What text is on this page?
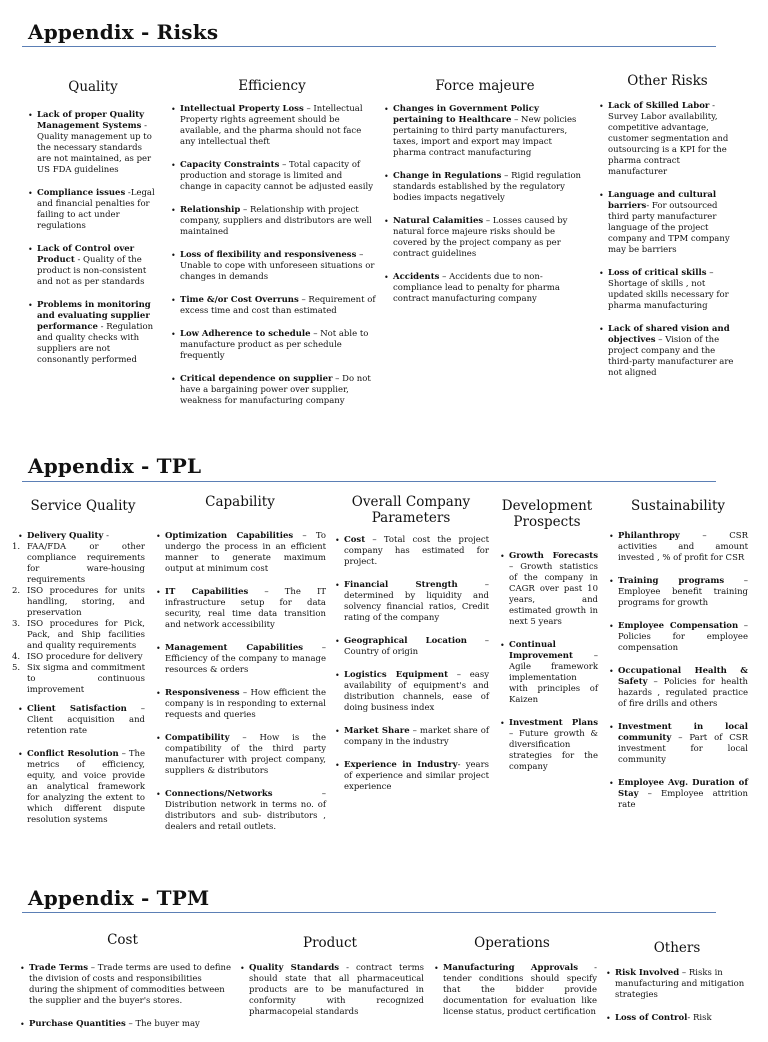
Appendix - Risks
Quality	Efficiency	Force majeure	Other Risks
• Lack of proper Quality Management Systems - Quality management up to the necessary standards are not maintained, as per US FDA guidelines
• Compliance issues -Legal and financial penalties for failing to act under regulations
• Lack of Control over Product - Quality of the product is non-consistent and not as per standards
• Problems in monitoring and evaluating supplier performance - Regulation and quality checks with suppliers are not consonantly performed
• Intellectual Property Loss – Intellectual Property rights agreement should be available, and the pharma should not face any intellectual theft
• Capacity Constraints – Total capacity of production and storage is limited and change in capacity cannot be adjusted easily
• Relationship – Relationship with project company, suppliers and distributors are well maintained
• Loss of flexibility and responsiveness – Unable to cope with unforeseen situations or changes in demands
• Time &/or Cost Overruns – Requirement of excess time and cost than estimated
• Low Adherence to schedule – Not able to manufacture product as per schedule frequently
• Critical dependence on supplier – Do not have a bargaining power over supplier, weakness for manufacturing company
• Changes in Government Policy pertaining to Healthcare – New policies pertaining to third party manufacturers, taxes, import and export may impact pharma contract manufacturing
• Change in Regulations – Rigid regulation standards established by the regulatory bodies impacts negatively
• Natural Calamities – Losses caused by natural force majeure risks should be covered by the project company as per contract guidelines
• Accidents – Accidents due to non-compliance lead to penalty for pharma contract manufacturing company
• Lack of Skilled Labor - Survey Labor availability, competitive advantage, customer segmentation and outsourcing is a KPI for the pharma contract manufacturer
• Language and cultural barriers- For outsourced third party manufacturer language of the project company and TPM company may be barriers
• Loss of critical skills – Shortage of skills , not updated skills necessary for pharma manufacturing
• Lack of shared vision and objectives – Vision of the project company and the third-party manufacturer are not aligned
Appendix - TPL
Service Quality	Capability	Overall Company Parameters
Development Prospects
Sustainability
• Delivery Quality -
1. FAA/FDA or other compliance requirements for ware-housing requirements
2. ISO procedures for units handling, storing, and preservation
3. ISO procedures for Pick, Pack, and Ship facilities and quality requirements
4. ISO procedure for delivery
5. Six sigma and commitment to continuous improvement
• Client Satisfaction – Client acquisition and retention rate
• Conflict Resolution – The metrics of efficiency, equity, and voice provide an analytical framework for analyzing the extent to which different dispute resolution systems
• Optimization Capabilities – To undergo the process in an efficient manner to generate maximum output at minimum cost
• IT Capabilities – The IT infrastructure setup for data security, real time data transition and network accessibility
• Management Capabilities – Efficiency of the company to manage resources & orders
• Responsiveness – How efficient the company is in responding to external requests and queries
• Compatibility – How is the compatibility of the third party manufacturer with project company, suppliers & distributors
• Connections/Networks – Distribution network in terms no. of distributors and sub- distributors , dealers and retail outlets.
• Cost – Total cost the project company has estimated for project.
• Financial Strength – determined by liquidity and solvency financial ratios, Credit rating of the company
• Geographical Location – Country of origin
• Logistics Equipment – easy availability of equipment's and distribution channels, ease of doing business index
• Market Share – market share of company in the industry
• Experience in Industry- years of experience and similar project experience
• Growth Forecasts – Growth statistics of the company in CAGR over past 10 years, and estimated growth in next 5 years
• Continual Improvement – Agile framework implementation with principles of Kaizen
• Investment Plans – Future growth & diversification strategies for the company
• Philanthropy – CSR activities and amount invested , % of profit for CSR
• Training programs – Employee benefit training programs for growth
• Employee Compensation – Policies for employee compensation
• Occupational Health & Safety – Policies for health hazards , regulated practice of fire drills and others
• Investment in local community – Part of CSR investment for local community
• Employee Avg. Duration of Stay – Employee attrition rate
Appendix - TPM
Cost	Product	Operations	Others
• Trade Terms – Trade terms are used to define the division of costs and responsibilities during the shipment of commodities between the supplier and the buyer's stores.
• Purchase Quantities – The buyer may
• Quality Standards - contract terms should state that all pharmaceutical products are to be manufactured in conformity with recognized pharmacopeial standards
• Manufacturing Approvals - tender conditions should specify that the bidder provide documentation for evaluation like license status, product certification
• Risk Involved – Risks in manufacturing and mitigation strategies
• Loss of Control- Risk
